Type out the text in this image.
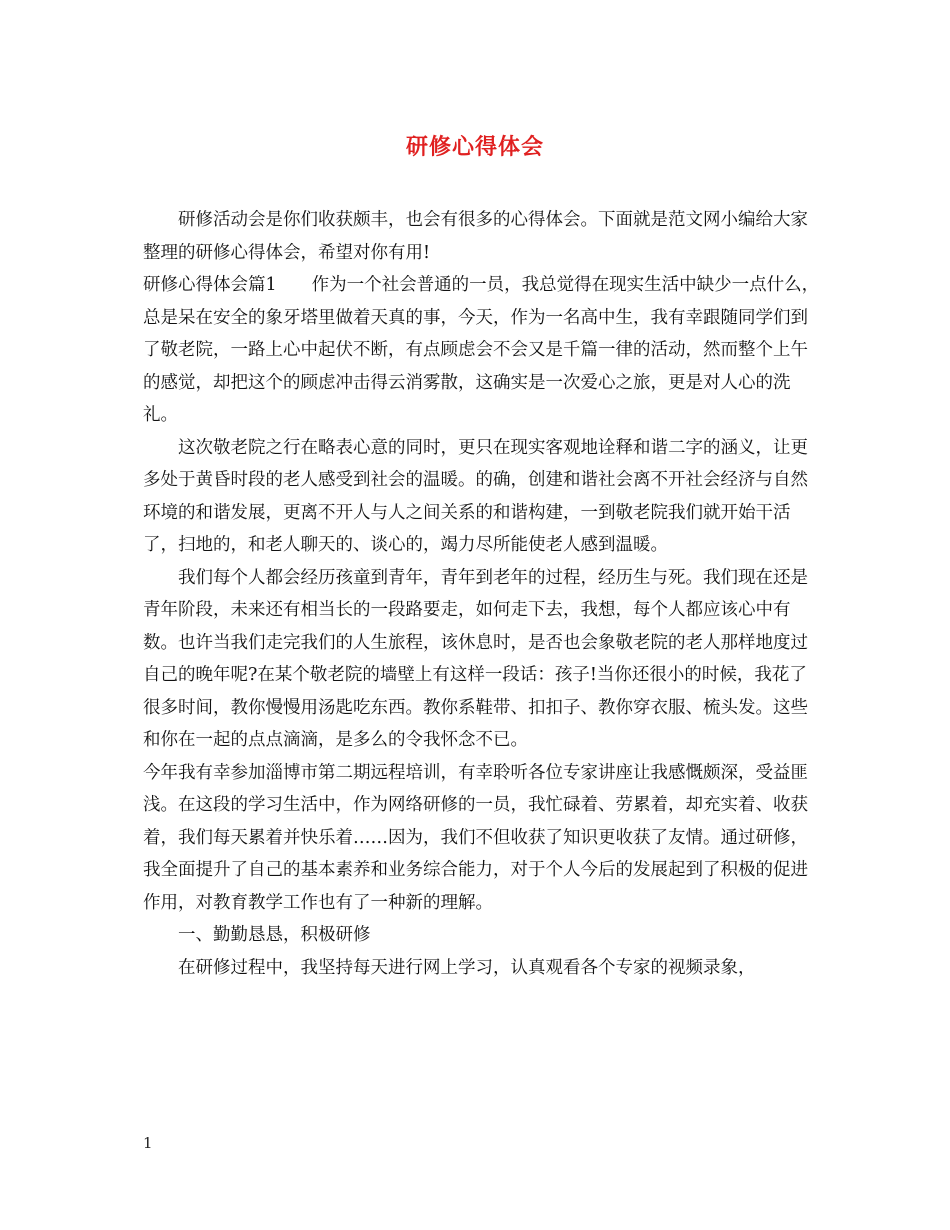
研修心得体会

研修活动会是你们收获颇丰，也会有很多的心得体会。下面就是范文网小编给大家整理的研修心得体会，希望对你有用!

研修心得体会篇1 作为一个社会普通的一员，我总觉得在现实生活中缺少一点什么，总是呆在安全的象牙塔里做着天真的事，今天，作为一名高中生，我有幸跟随同学们到了敬老院，一路上心中起伏不断，有点顾虑会不会又是千篇一律的活动，然而整个上午的感觉，却把这个的顾虑冲击得云消雾散，这确实是一次爱心之旅，更是对人心的洗礼。

这次敬老院之行在略表心意的同时，更只在现实客观地诠释和谐二字的涵义，让更多处于黄昏时段的老人感受到社会的温暖。的确，创建和谐社会离不开社会经济与自然环境的和谐发展，更离不开人与人之间关系的和谐构建，一到敬老院我们就开始干活了，扫地的，和老人聊天的、谈心的，竭力尽所能使老人感到温暖。

我们每个人都会经历孩童到青年，青年到老年的过程，经历生与死。我们现在还是青年阶段，未来还有相当长的一段路要走，如何走下去，我想，每个人都应该心中有数。也许当我们走完我们的人生旅程，该休息时，是否也会象敬老院的老人那样地度过自己的晚年呢?在某个敬老院的墙壁上有这样一段话：孩子!当你还很小的时候，我花了很多时间，教你慢慢用汤匙吃东西。教你系鞋带、扣扣子、教你穿衣服、梳头发。这些和你在一起的点点滴滴，是多么的令我怀念不已。

今年我有幸参加淄博市第二期远程培训，有幸聆听各位专家讲座让我感慨颇深，受益匪浅。在这段的学习生活中，作为网络研修的一员，我忙碌着、劳累着，却充实着、收获着，我们每天累着并快乐着……因为，我们不但收获了知识更收获了友情。通过研修，我全面提升了自己的基本素养和业务综合能力，对于个人今后的发展起到了积极的促进作用，对教育教学工作也有了一种新的理解。

一、勤勤恳恳，积极研修

在研修过程中，我坚持每天进行网上学习，认真观看各个专家的视频录象，

1
